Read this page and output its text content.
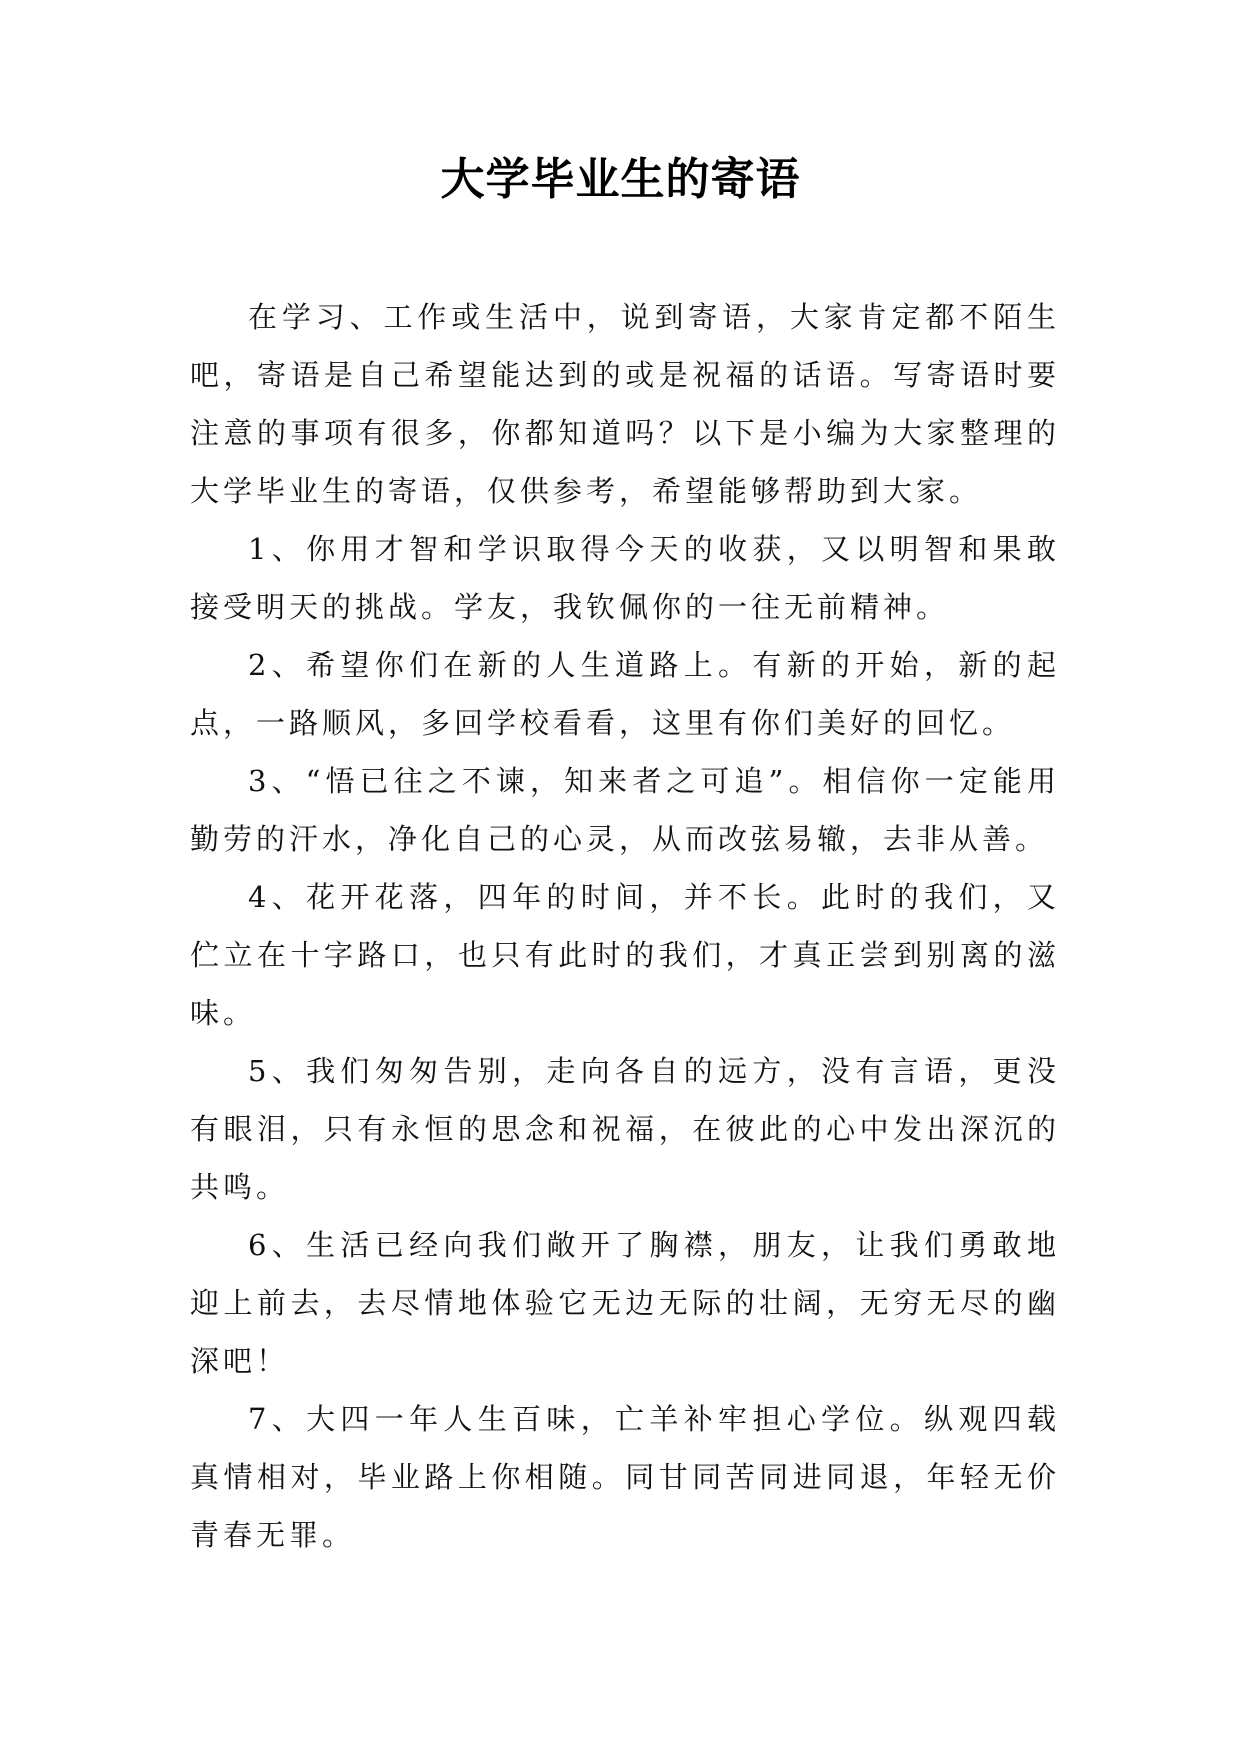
大学毕业生的寄语

在学习、工作或生活中，说到寄语，大家肯定都不陌生吧，寄语是自己希望能达到的或是祝福的话语。写寄语时要注意的事项有很多，你都知道吗？以下是小编为大家整理的大学毕业生的寄语，仅供参考，希望能够帮助到大家。

1、你用才智和学识取得今天的收获，又以明智和果敢接受明天的挑战。学友，我钦佩你的一往无前精神。

2、希望你们在新的人生道路上。有新的开始，新的起点，一路顺风，多回学校看看，这里有你们美好的回忆。

3、“悟已往之不谏，知来者之可追”。相信你一定能用勤劳的汗水，净化自己的心灵，从而改弦易辙，去非从善。

4、花开花落，四年的时间，并不长。此时的我们，又伫立在十字路口，也只有此时的我们，才真正尝到别离的滋味。

5、我们匆匆告别，走向各自的远方，没有言语，更没有眼泪，只有永恒的思念和祝福，在彼此的心中发出深沉的共鸣。

6、生活已经向我们敞开了胸襟，朋友，让我们勇敢地迎上前去，去尽情地体验它无边无际的壮阔，无穷无尽的幽深吧！

7、大四一年人生百味，亡羊补牢担心学位。纵观四载真情相对，毕业路上你相随。同甘同苦同进同退，年轻无价青春无罪。
